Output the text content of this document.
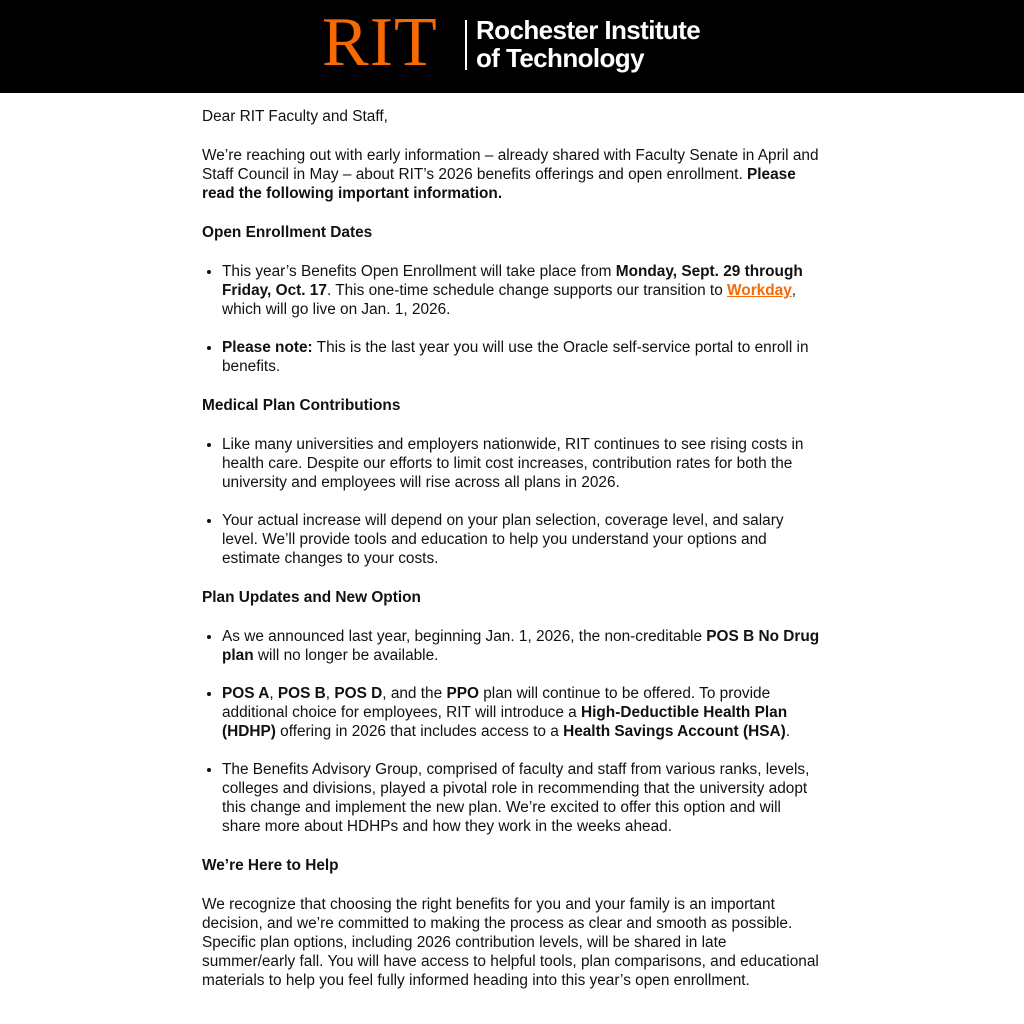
RIT Rochester Institute
of Technology

Dear RIT Faculty and Staff,

We’re reaching out with early information – already shared with Faculty Senate in April and Staff Council in May – about RIT’s 2026 benefits offerings and open enrollment. Please read the following important information.

Open Enrollment Dates
• This year’s Benefits Open Enrollment will take place from Monday, Sept. 29 through Friday, Oct. 17. This one-time schedule change supports our transition to Workday, which will go live on Jan. 1, 2026.
• Please note: This is the last year you will use the Oracle self-service portal to enroll in benefits.
Medical Plan Contributions
• Like many universities and employers nationwide, RIT continues to see rising costs in health care. Despite our efforts to limit cost increases, contribution rates for both the university and employees will rise across all plans in 2026.
• Your actual increase will depend on your plan selection, coverage level, and salary level. We’ll provide tools and education to help you understand your options and estimate changes to your costs.
Plan Updates and New Option
• As we announced last year, beginning Jan. 1, 2026, the non-creditable POS B No Drug plan will no longer be available.
• POS A, POS B, POS D, and the PPO plan will continue to be offered. To provide additional choice for employees, RIT will introduce a High-Deductible Health Plan (HDHP) offering in 2026 that includes access to a Health Savings Account (HSA).
• The Benefits Advisory Group, comprised of faculty and staff from various ranks, levels, colleges and divisions, played a pivotal role in recommending that the university adopt this change and implement the new plan. We’re excited to offer this option and will share more about HDHPs and how they work in the weeks ahead.
We’re Here to Help

We recognize that choosing the right benefits for you and your family is an important decision, and we’re committed to making the process as clear and smooth as possible. Specific plan options, including 2026 contribution levels, will be shared in late summer/early fall. You will have access to helpful tools, plan comparisons, and educational materials to help you feel fully informed heading into this year’s open enrollment.
